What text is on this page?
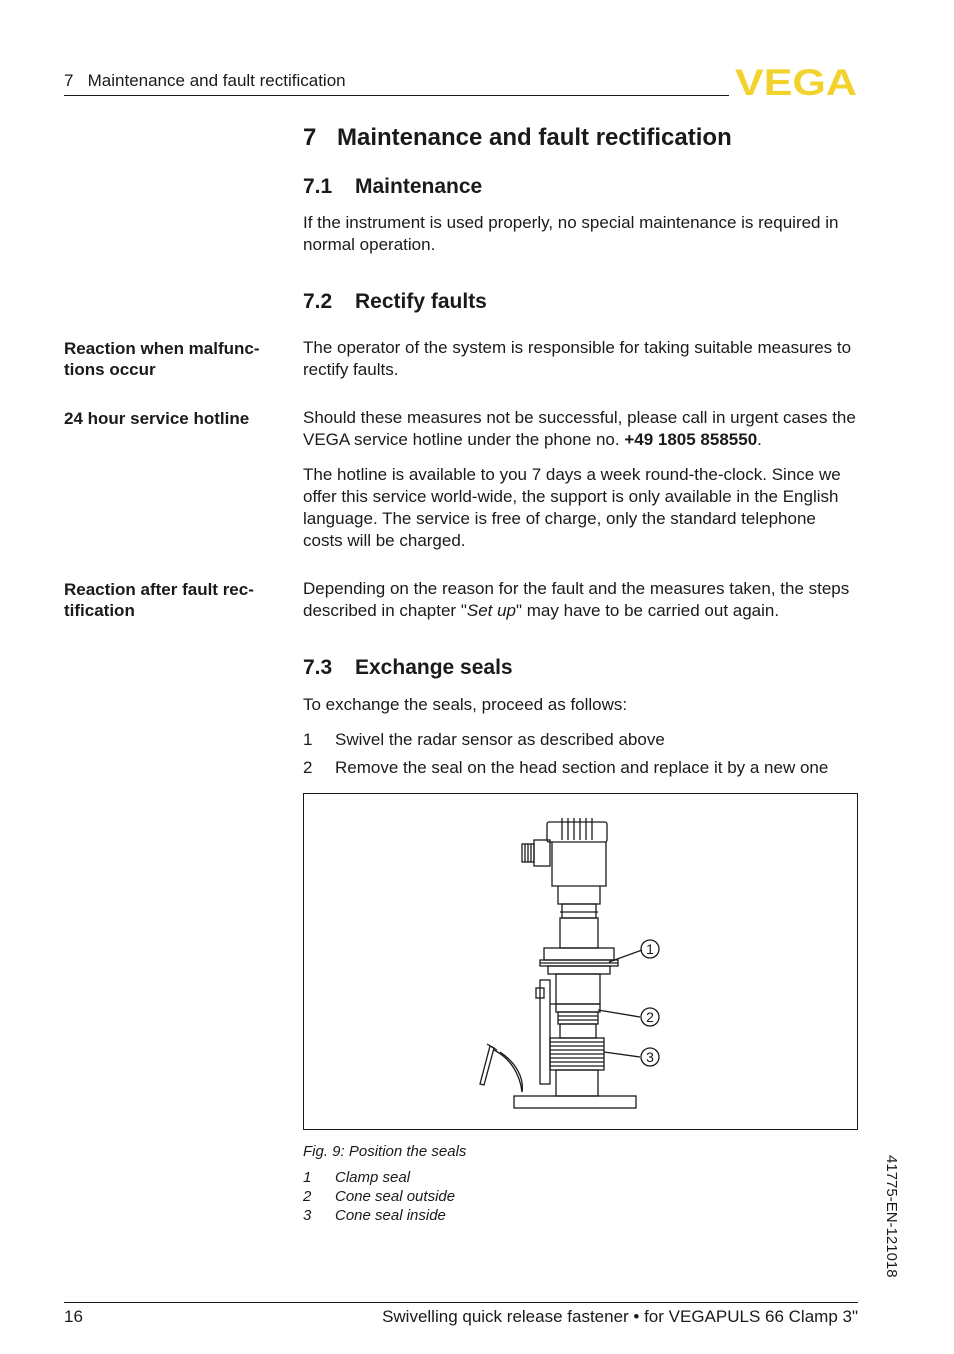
7   Maintenance and fault rectification	VEGA
7 Maintenance and fault rectification
7.1 Maintenance

If the instrument is used properly, no special maintenance is required in normal operation.

7.2 Rectify faults
Reaction when malfunc-tions occur

The operator of the system is responsible for taking suitable measures to rectify faults.

24 hour service hotline	Should these measures not be successful, please call in urgent cases the VEGA service hotline under the phone no. +49 1805 858550.

The hotline is available to you 7 days a week round-the-clock. Since we offer this service world-wide, the support is only available in the English language. The service is free of charge, only the standard telephone costs will be charged.

Reaction after fault rec-tification

Depending on the reason for the fault and the measures taken, the steps described in chapter "Set up" may have to be carried out again.

7.3 Exchange seals

To exchange the seals, proceed as follows:

1 Swivel the radar sensor as described above
2 Remove the seal on the head section and replace it by a new one
1
2
3
Fig. 9: Position the seals
1 Clamp seal
2 Cone seal outside
3 Cone seal inside	41775-EN-121018
16	Swivelling quick release fastener • for VEGAPULS 66 Clamp 3"
